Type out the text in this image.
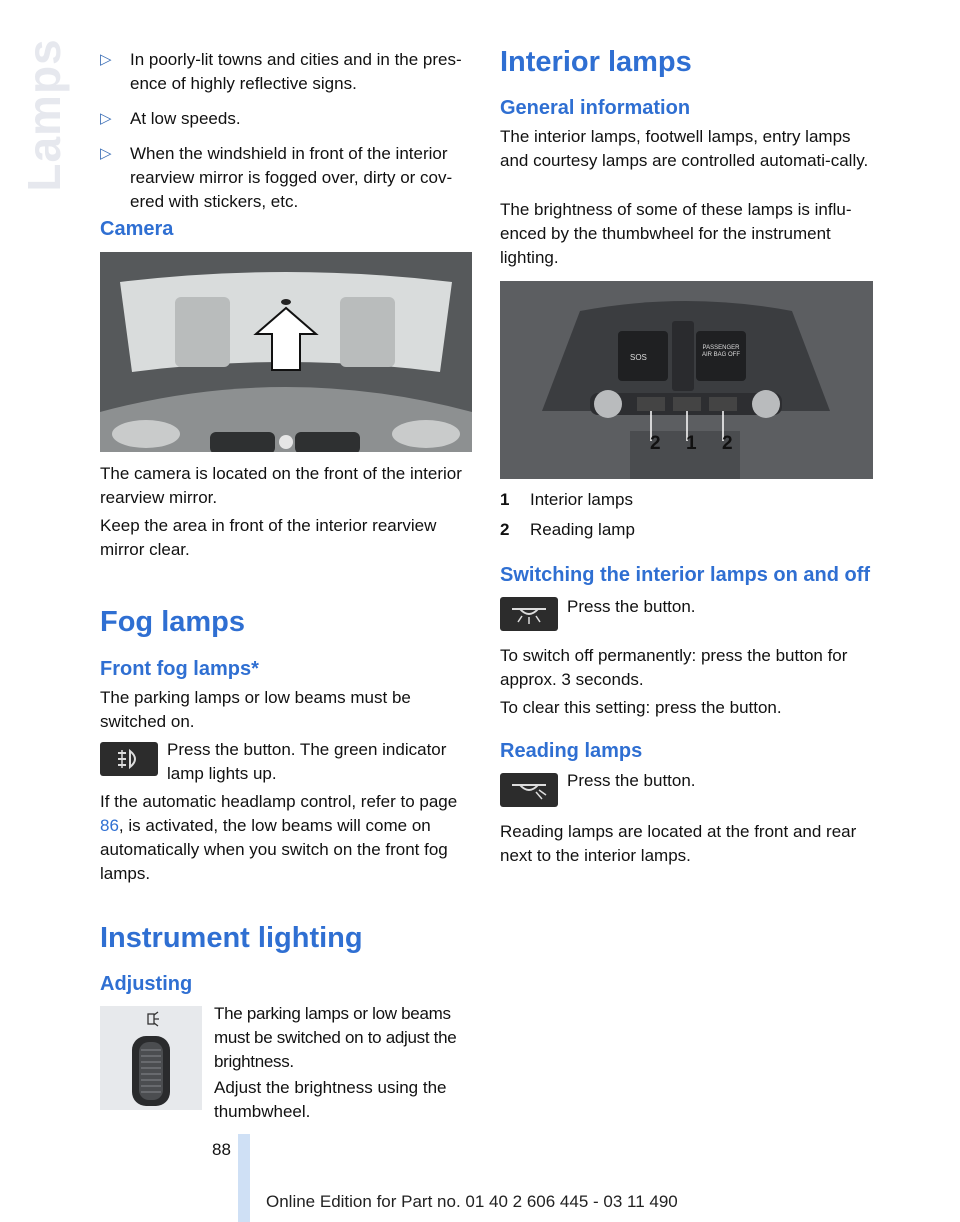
Lamps ▷ In poorly-lit towns and cities and in the pres-ence of highly reflective signs.
▷ At low speeds.
▷ When the windshield in front of the interior rearview mirror is fogged over, dirty or cov-ered with stickers, etc.
Camera

The camera is located on the front of the interior rearview mirror.

Keep the area in front of the interior rearview mirror clear.

Fog lamps
Front fog lamps*

The parking lamps or low beams must be switched on.

Press the button. The green indicator lamp lights up.

If the automatic headlamp control, refer to page 86, is activated, the low beams will come on automatically when you switch on the front fog lamps.

Instrument lighting
Adjusting

The parking lamps or low beams must be switched on to adjust the brightness.

Adjust the brightness using the thumbwheel.

Interior lamps
General information

The interior lamps, footwell lamps, entry lamps and courtesy lamps are controlled automati-cally.

The brightness of some of these lamps is influ-enced by the thumbwheel for the instrument lighting.

SOS
PASSENGER AIR BAG OFF
2 1 2
1 Interior lamps
2 Reading lamp
Switching the interior lamps on and off

Press the button.

To switch off permanently: press the button for approx. 3 seconds.

To clear this setting: press the button.

Reading lamps

Press the button.

Reading lamps are located at the front and rear next to the interior lamps.

88
Online Edition for Part no. 01 40 2 606 445 - 03 11 490
